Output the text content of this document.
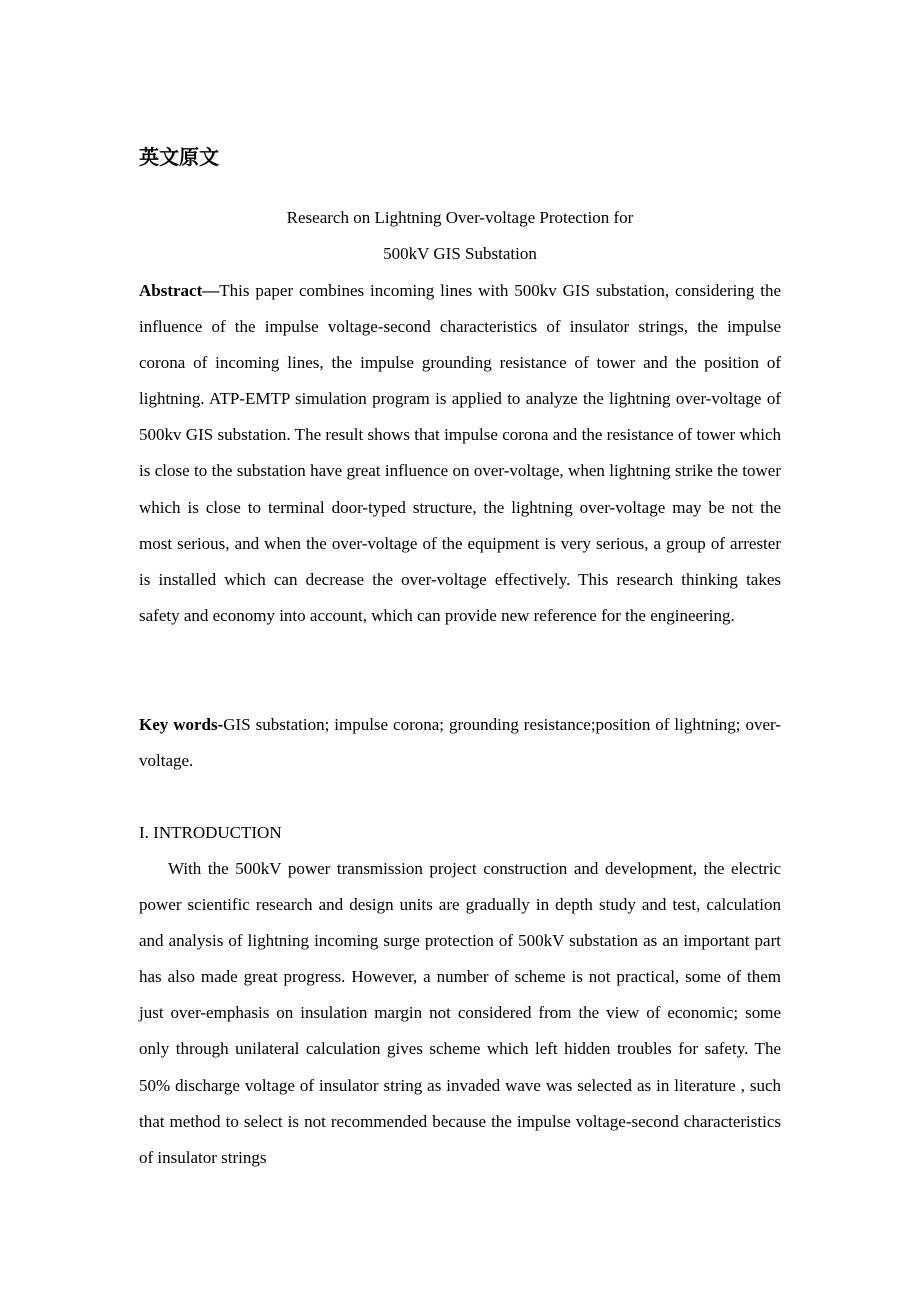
英文原文

Research on Lightning Over-voltage Protection for

500kV GIS Substation

Abstract—This paper combines incoming lines with 500kv GIS substation, considering the influence of the impulse voltage-second characteristics of insulator strings, the impulse corona of incoming lines, the impulse grounding resistance of tower and the position of lightning. ATP-EMTP simulation program is applied to analyze the lightning over-voltage of 500kv GIS substation. The result shows that impulse corona and the resistance of tower which is close to the substation have great influence on over-voltage, when lightning strike the tower which is close to terminal door-typed structure, the lightning over-voltage may be not the most serious, and when the over-voltage of the equipment is very serious, a group of arrester is installed which can decrease the over-voltage effectively. This research thinking takes safety and economy into account, which can provide new reference for the engineering.

Key words-GIS substation; impulse corona; grounding resistance;position of lightning; over-voltage.

I. INTRODUCTION

With the 500kV power transmission project construction and development, the electric power scientific research and design units are gradually in depth study and test, calculation and analysis of lightning incoming surge protection of 500kV substation as an important part has also made great progress. However, a number of scheme is not practical, some of them just over-emphasis on insulation margin not considered from the view of economic; some only through unilateral calculation gives scheme which left hidden troubles for safety. The 50% discharge voltage of insulator string as invaded wave was selected as in literature , such that method to select is not recommended because the impulse voltage-second characteristics of insulator strings
